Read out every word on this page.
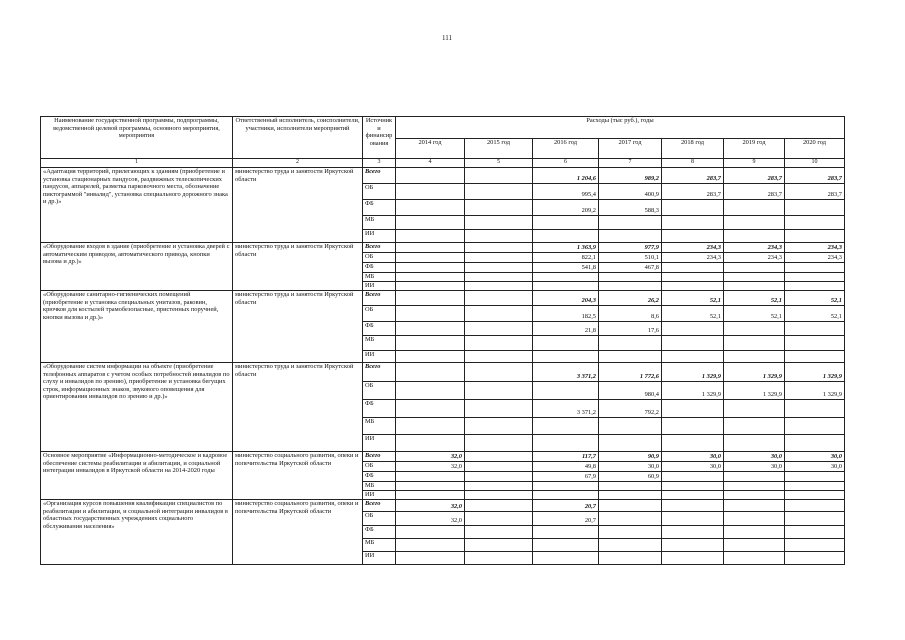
111
Наименование государственной программы, подпрограммы, ведомственной целевой программы, основного мероприятия, мероприятия	Ответственный исполнитель, соисполнители, участники, исполнители мероприятий	Источник и финансир ования	Расходы (тыс руб.), годы						
			2014 год	2015 год	2016 год	2017 год	2018 год	2019 год	2020 год
1	2	3	4	5	6	7	8	9	10
«Адаптация территорий, прилегающих к зданиям (приобретение и установка стационарных пандусов, раздвижных телескопических пандусов, аппарелей, разметка парковочного места, обозначение пиктограммой "инвалид", установка специального дорожного знака и др.)»	министерство труда и занятости Иркутской области	Всего			1 204,6	989,2	283,7	283,7	283,7
		ОБ			995,4	400,9	283,7	283,7	283,7
		ФБ			209,2	588,3			
		МБ							
		ИИ							
«Оборудование входов в здание (приобретение и установка дверей с автоматическим приводом, автоматического привода, кнопки вызова и др.)»	министерство труда и занятости Иркутской области	Всего			1 363,9	977,9	234,3	234,3	234,3
		ОБ			822,1	510,1	234,3	234,3	234,3
		ФБ			541,8	467,8			
		МБ							
		ИИ							
«Оборудование санитарно-гигиенических помещений (приобретение и установка специальных унитазов, раковин, крючков для костылей трамобезопасные, пристенных поручней, кнопки вызова и др.)»	министерство труда и занятости Иркутской области	Всего			204,3	26,2	52,1	52,1	52,1
		ОБ			182,5	8,6	52,1	52,1	52,1
		ФБ			21,8	17,6			
		МБ							
		ИИ							
«Оборудование систем информации на объекте (приобретение телефонных аппаратов с учетом особых потребностей инвалидов по слуху и инвалидов по зрению), приобретение и установка бегущих строк, информационных знаков, звукового оповещения для ориентирования инвалидов по зрению и др.)»	министерство труда и занятости Иркутской области	Всего			3 371,2	1 772,6	1 329,9	1 329,9	1 329,9
		ОБ				980,4	1 329,9	1 329,9	1 329,9
		ФБ			3 371,2	792,2			
		МБ							
		ИИ							
Основное мероприятие «Информационно-методическое и кадровое обеспечение системы реабилитации и абилитации, и социальной интеграции инвалидов в Иркутской области на 2014-2020 годы	министерство социального развития, опеки и попечительства Иркутской области	Всего	32,0		117,7	90,9	30,0	30,0	30,0
		ОБ	32,0		49,8	30,0	30,0	30,0	30,0
		ФБ			67,9	60,9			
		МБ							
		ИИ							
«Организация курсов повышения квалификации специалистов по реабилитации и абилитации, и социальной интеграции инвалидов в областных государственных учреждениях социального обслуживания населения»	министерство социального развития, опеки и попечительства Иркутской области	Всего	32,0		20,7				
		ОБ	32,0		20,7				
		ФБ							
		МБ							
		ИИ							
